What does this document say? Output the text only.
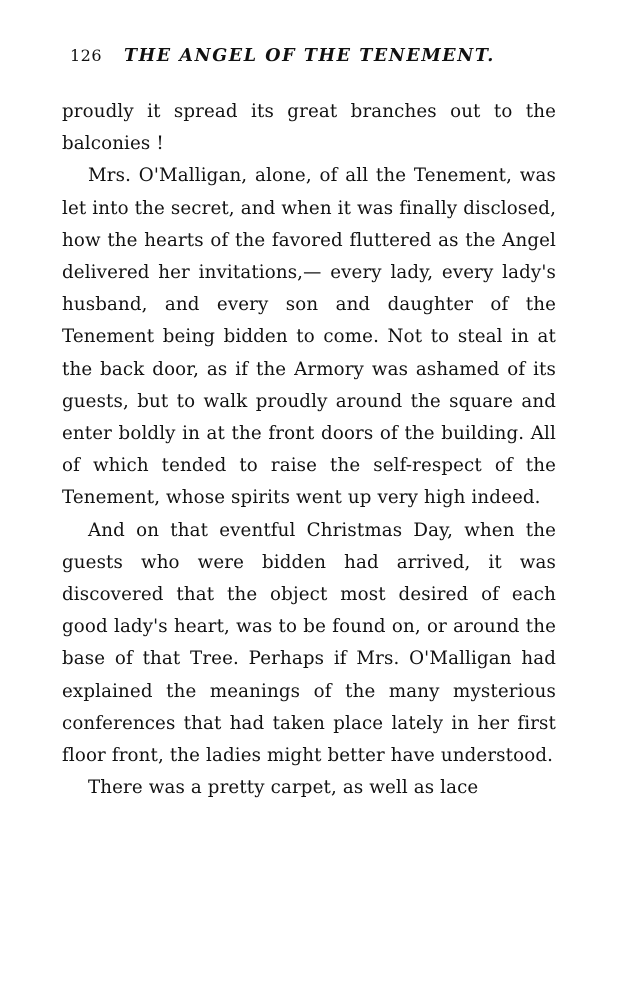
126 THE ANGEL OF THE TENEMENT.

proudly it spread its great branches out to the balconies !

Mrs. O'Malligan, alone, of all the Tenement, was let into the secret, and when it was finally disclosed, how the hearts of the favored fluttered as the Angel delivered her invitations,— every lady, every lady's husband, and every son and daughter of the Tenement being bidden to come. Not to steal in at the back door, as if the Armory was ashamed of its guests, but to walk proudly around the square and enter boldly in at the front doors of the building. All of which tended to raise the self-respect of the Tenement, whose spirits went up very high indeed.

And on that eventful Christmas Day, when the guests who were bidden had arrived, it was discovered that the object most desired of each good lady's heart, was to be found on, or around the base of that Tree. Perhaps if Mrs. O'Malligan had explained the meanings of the many mysterious conferences that had taken place lately in her first floor front, the ladies might better have understood.

There was a pretty carpet, as well as lace
